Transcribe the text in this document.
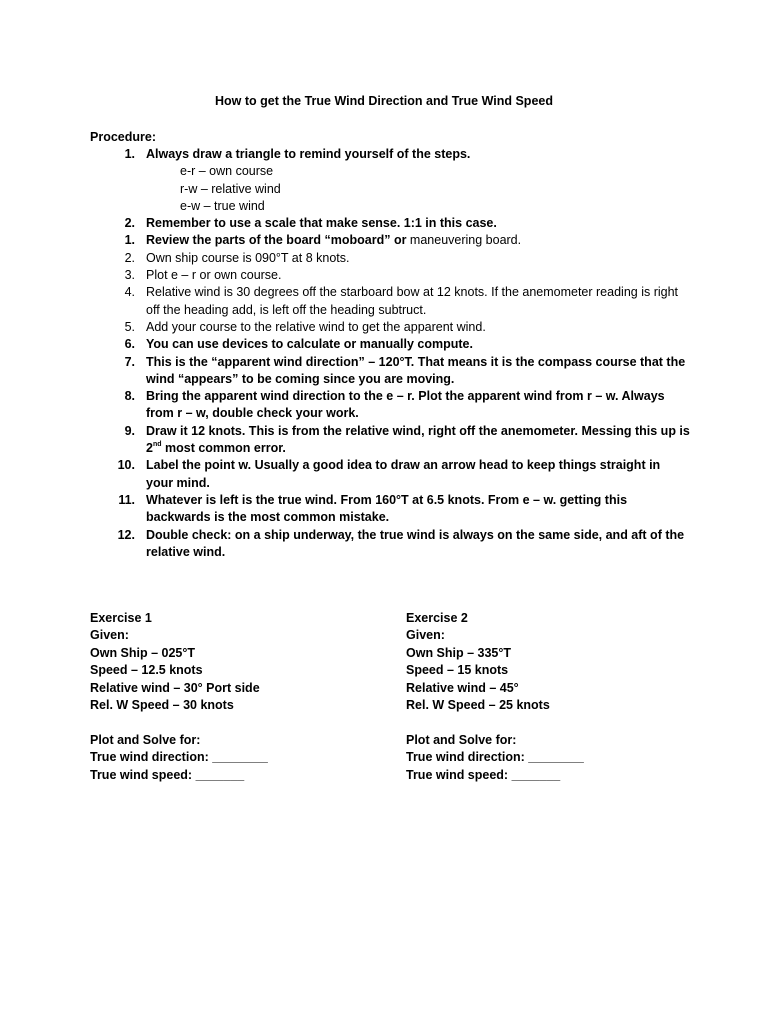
How to get the True Wind Direction and True Wind Speed
Procedure:
1. Always draw a triangle to remind yourself of the steps.
e-r – own course
r-w – relative wind
e-w – true wind
2. Remember to use a scale that make sense. 1:1 in this case.
1. Review the parts of the board “moboard” or maneuvering board.
2. Own ship course is 090°T at 8 knots.
3. Plot e – r or own course.
4. Relative wind is 30 degrees off the starboard bow at 12 knots. If the anemometer reading is right off the heading add, is left off the heading subtruct.
5. Add your course to the relative wind to get the apparent wind.
6. You can use devices to calculate or manually compute.
7. This is the “apparent wind direction” – 120°T. That means it is the compass course that the wind “appears” to be coming since you are moving.
8. Bring the apparent wind direction to the e – r. Plot the apparent wind from r – w. Always from r – w, double check your work.
9. Draw it 12 knots. This is from the relative wind, right off the anemometer. Messing this up is 2nd most common error.
10. Label the point w. Usually a good idea to draw an arrow head to keep things straight in your mind.
11. Whatever is left is the true wind. From 160°T at 6.5 knots. From e – w. getting this backwards is the most common mistake.
12. Double check: on a ship underway, the true wind is always on the same side, and aft of the relative wind.
Exercise 1
Given:
Own Ship – 025°T
Speed – 12.5 knots
Relative wind – 30° Port side
Rel. W Speed – 30 knots
Plot and Solve for:
True wind direction: ________
True wind speed: _______
Exercise 2
Given:
Own Ship – 335°T
Speed – 15 knots
Relative wind – 45°
Rel. W Speed – 25 knots
Plot and Solve for:
True wind direction: ________
True wind speed: _______
